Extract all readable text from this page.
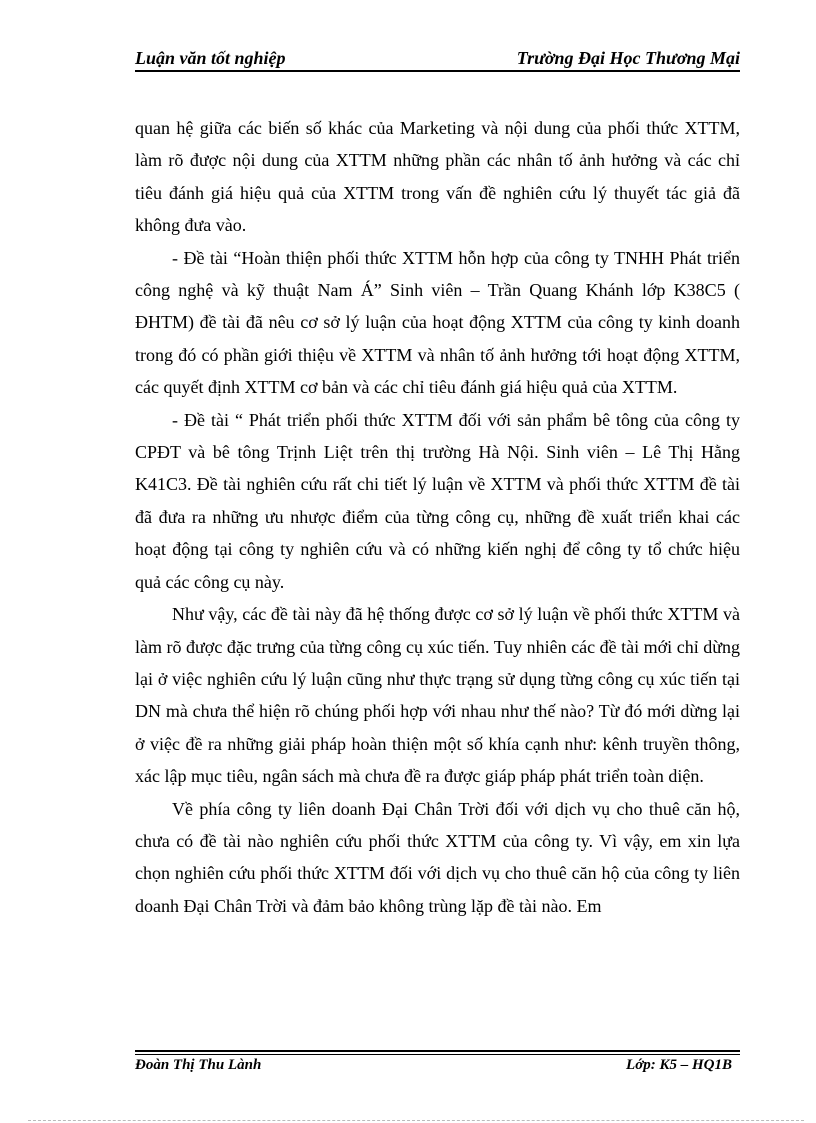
Luận văn tốt nghiệp	Trường Đại Học Thương Mại

quan hệ giữa các biến số khác của Marketing và nội dung của phối thức XTTM, làm rõ được nội dung của XTTM những phần các nhân tố ảnh hưởng và các chỉ tiêu đánh giá hiệu quả của XTTM trong vấn đề nghiên cứu lý thuyết tác giả đã không đưa vào.

- Đề tài “Hoàn thiện phối thức XTTM hỗn hợp của công ty TNHH Phát triển công nghệ và kỹ thuật Nam Á” Sinh viên – Trần Quang Khánh lớp K38C5 ( ĐHTM) đề tài đã nêu cơ sở lý luận của hoạt động XTTM của công ty kinh doanh trong đó có phần giới thiệu về XTTM và nhân tố ảnh hưởng tới hoạt động XTTM, các quyết định XTTM cơ bản và các chỉ tiêu đánh giá hiệu quả của XTTM.

- Đề tài “ Phát triển phối thức XTTM đối với sản phẩm bê tông của công ty CPĐT và bê tông Trịnh Liệt trên thị trường Hà Nội. Sinh viên – Lê Thị Hằng K41C3. Đề tài nghiên cứu rất chi tiết lý luận về XTTM và phối thức XTTM đề tài đã đưa ra những ưu nhược điểm của từng công cụ, những đề xuất triển khai các hoạt động tại công ty nghiên cứu và có những kiến nghị để công ty tổ chức hiệu quả các công cụ này.

Như vậy, các đề tài này đã hệ thống được cơ sở lý luận về phối thức XTTM và làm rõ được đặc trưng của từng công cụ xúc tiến. Tuy nhiên các đề tài mới chỉ dừng lại ở việc nghiên cứu lý luận cũng như thực trạng sử dụng từng công cụ xúc tiến tại DN mà chưa thể hiện rõ chúng phối hợp với nhau như thế nào? Từ đó mới dừng lại ở việc đề ra những giải pháp hoàn thiện một số khía cạnh như: kênh truyền thông, xác lập mục tiêu, ngân sách mà chưa đề ra được giáp pháp phát triển toàn diện.

Về phía công ty liên doanh Đại Chân Trời đối với dịch vụ cho thuê căn hộ, chưa có đề tài nào nghiên cứu phối thức XTTM của công ty. Vì vậy, em xin lựa chọn nghiên cứu phối thức XTTM đối với dịch vụ cho thuê căn hộ của công ty liên doanh Đại Chân Trời và đảm bảo không trùng lặp đề tài nào. Em

Đoàn Thị Thu Lành	Lớp: K5 – HQ1B
